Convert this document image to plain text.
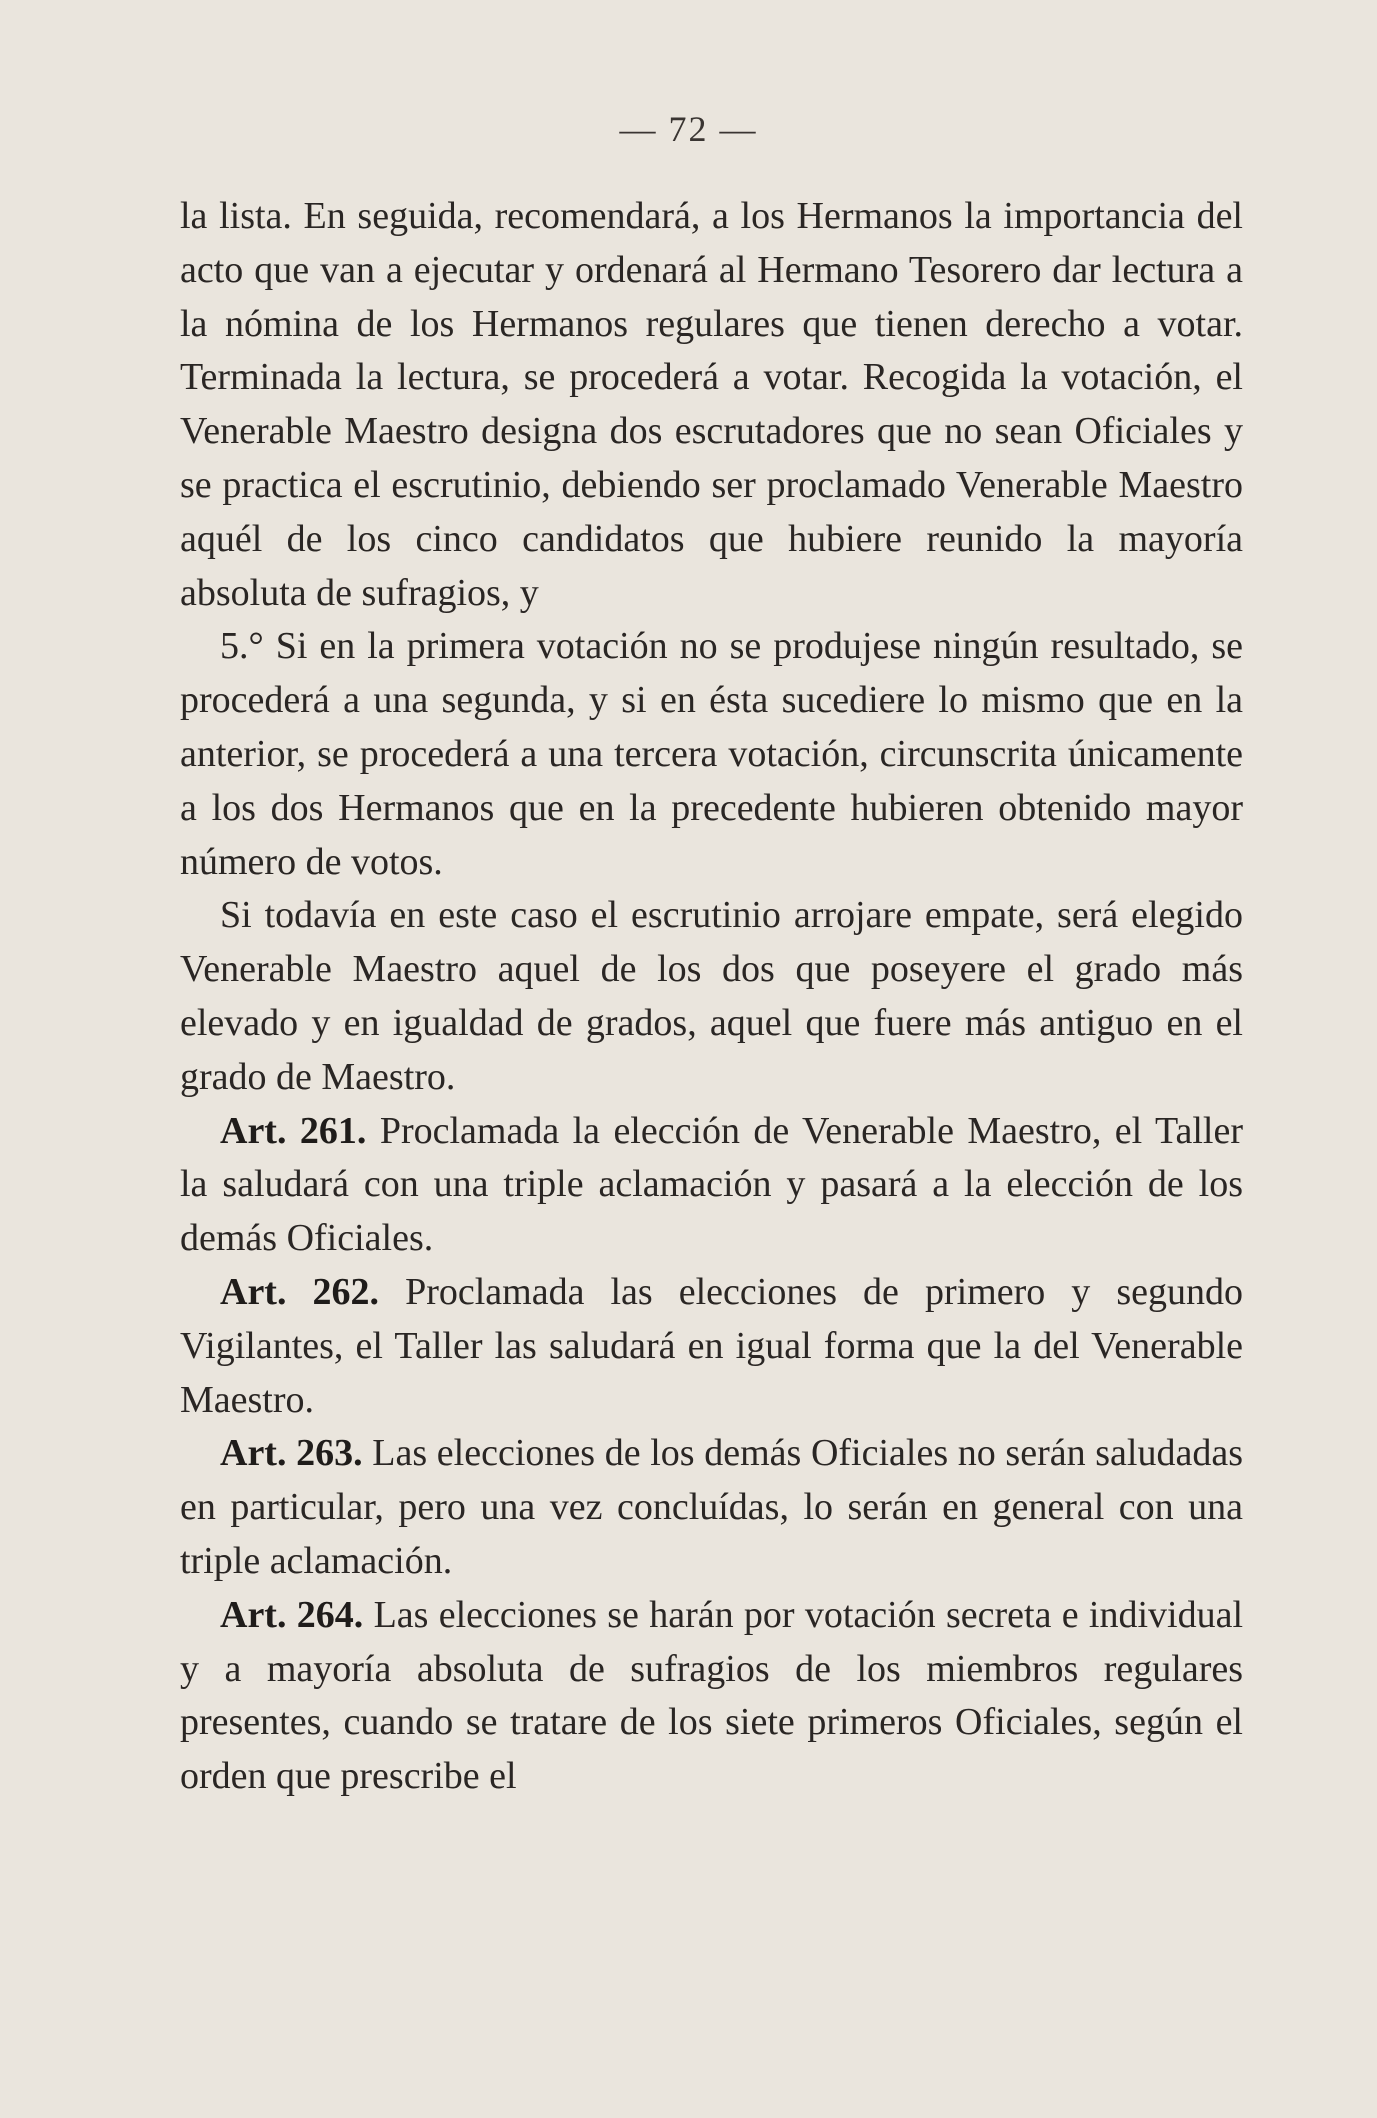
— 72 —

la lista. En seguida, recomendará, a los Hermanos la importancia del acto que van a ejecutar y ordenará al Hermano Tesorero dar lectura a la nómina de los Hermanos regulares que tienen derecho a votar. Terminada la lectura, se procederá a votar. Recogida la votación, el Venerable Maestro designa dos escrutadores que no sean Oficiales y se practica el escrutinio, debiendo ser proclamado Venerable Maestro aquél de los cinco candidatos que hubiere reunido la mayoría absoluta de sufragios, y

5.° Si en la primera votación no se produjese ningún resultado, se procederá a una segunda, y si en ésta sucediere lo mismo que en la anterior, se procederá a una tercera votación, circunscrita únicamente a los dos Hermanos que en la precedente hubieren obtenido mayor número de votos.

Si todavía en este caso el escrutinio arrojare empate, será elegido Venerable Maestro aquel de los dos que poseyere el grado más elevado y en igualdad de grados, aquel que fuere más antiguo en el grado de Maestro.

Art. 261. Proclamada la elección de Venerable Maestro, el Taller la saludará con una triple aclamación y pasará a la elección de los demás Oficiales.

Art. 262. Proclamada las elecciones de primero y segundo Vigilantes, el Taller las saludará en igual forma que la del Venerable Maestro.

Art. 263. Las elecciones de los demás Oficiales no serán saludadas en particular, pero una vez concluídas, lo serán en general con una triple aclamación.

Art. 264. Las elecciones se harán por votación secreta e individual y a mayoría absoluta de sufragios de los miembros regulares presentes, cuando se tratare de los siete primeros Oficiales, según el orden que prescribe el
